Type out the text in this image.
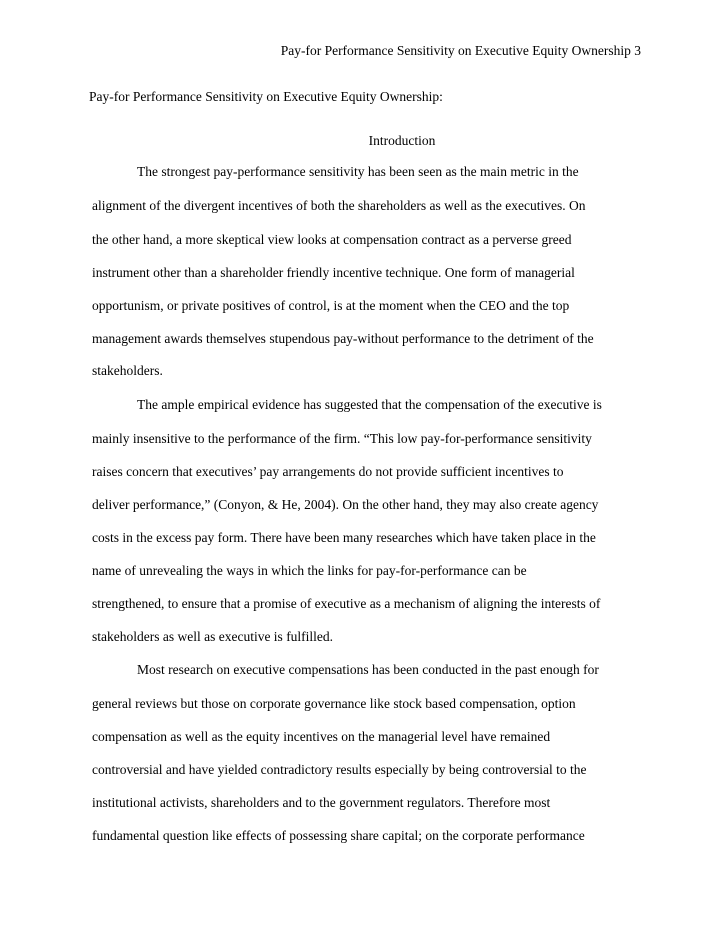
Pay-for Performance Sensitivity on Executive Equity Ownership 3
Pay-for Performance Sensitivity on Executive Equity Ownership:
Introduction
The strongest pay-performance sensitivity has been seen as the main metric in the
alignment of the divergent incentives of both the shareholders as well as the executives. On
the other hand, a more skeptical view looks at compensation contract as a perverse greed
instrument other than a shareholder friendly incentive technique. One form of managerial
opportunism, or private positives of control, is at the moment when the CEO and the top
management awards themselves stupendous pay-without performance to the detriment of the
stakeholders.
The ample empirical evidence has suggested that the compensation of the executive is
mainly insensitive to the performance of the firm. “This low pay-for-performance sensitivity
raises concern that executives’ pay arrangements do not provide sufficient incentives to
deliver performance,” (Conyon, & He, 2004). On the other hand, they may also create agency
costs in the excess pay form. There have been many researches which have taken place in the
name of unrevealing the ways in which the links for pay-for-performance can be
strengthened, to ensure that a promise of executive as a mechanism of aligning the interests of
stakeholders as well as executive is fulfilled.
Most research on executive compensations has been conducted in the past enough for
general reviews but those on corporate governance like stock based compensation, option
compensation as well as the equity incentives on the managerial level have remained
controversial and have yielded contradictory results especially by being controversial to the
institutional activists, shareholders and to the government regulators. Therefore most
fundamental question like effects of possessing share capital; on the corporate performance
